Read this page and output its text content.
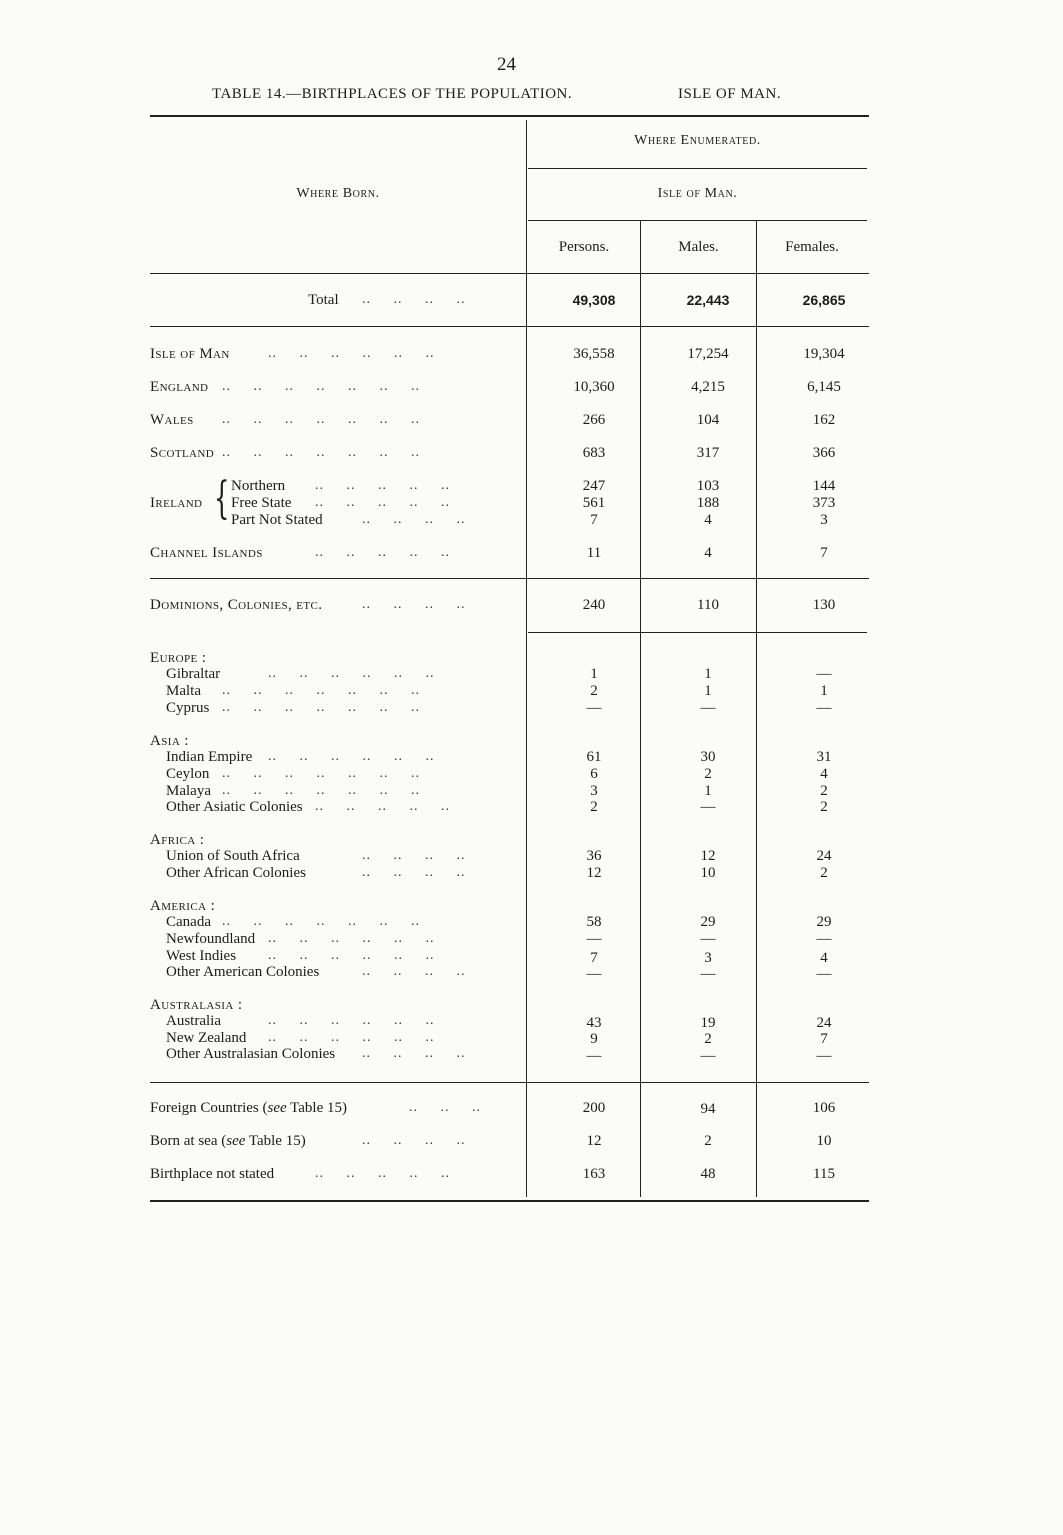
24
TABLE 14.—BIRTHPLACES OF THE POPULATION.	ISLE OF MAN.
Where Born.
Where Enumerated.
Isle of Man.
Persons.	Males.	Females.
Total ..     ..     ..     ..	49,308	22,443	26,865
Isle of Man	..     ..     ..     ..     ..     ..	36,558	17,254	19,304
England ..     ..     ..     ..     ..     ..     ..	10,360	4,215	6,145
Wales ..     ..     ..     ..     ..     ..     ..	266	104	162
Scotland ..     ..     ..     ..     ..     ..     ..	683	317	366
Ireland { Northern ..     ..     ..     ..     ..	247	103	144
Free State ..     ..     ..     ..     ..	561	188	373
Part Not Stated	..     ..     ..     ..	7	4	3
Channel Islands	..     ..     ..     ..     ..	11	4	7
Dominions, Colonies, etc.	..     ..     ..     ..	240	110	130
Europe :
Gibraltar	..     ..     ..     ..     ..     ..	1	1	—
Malta ..     ..     ..     ..     ..     ..     ..	2	1	1
Cyprus ..     ..     ..     ..     ..     ..     ..	—	—	—
Asia :
Indian Empire ..     ..     ..     ..     ..     ..	61	30	31
Ceylon ..     ..     ..     ..     ..     ..     ..	6	2	4
Malaya ..     ..     ..     ..     ..     ..     ..	3	1	2
Other Asiatic Colonies ..     ..     ..     ..     ..	2	—	2
Africa :
Union of South Africa	..     ..     ..     ..	36	12	24
Other African Colonies	..     ..     ..     ..	12	10	2
America :
Canada ..     ..     ..     ..     ..     ..     ..	58	29	29
Newfoundland ..     ..     ..     ..     ..     ..	—	—	—
West Indies ..     ..     ..     ..     ..     ..	7	3	4
Other American Colonies	..     ..     ..     ..	—	—	—
Australasia :
Australia	..     ..     ..     ..     ..     ..	43	19	24
New Zealand ..     ..     ..     ..     ..     ..	9	2	7
Other Australasian Colonies ..     ..     ..     ..	—	—	—
Foreign Countries (see Table 15)	..     ..     ..	200	94	106
Born at sea (see Table 15)	..     ..     ..     ..	12	2	10
Birthplace not stated	..     ..     ..     ..     ..	163	48	115
